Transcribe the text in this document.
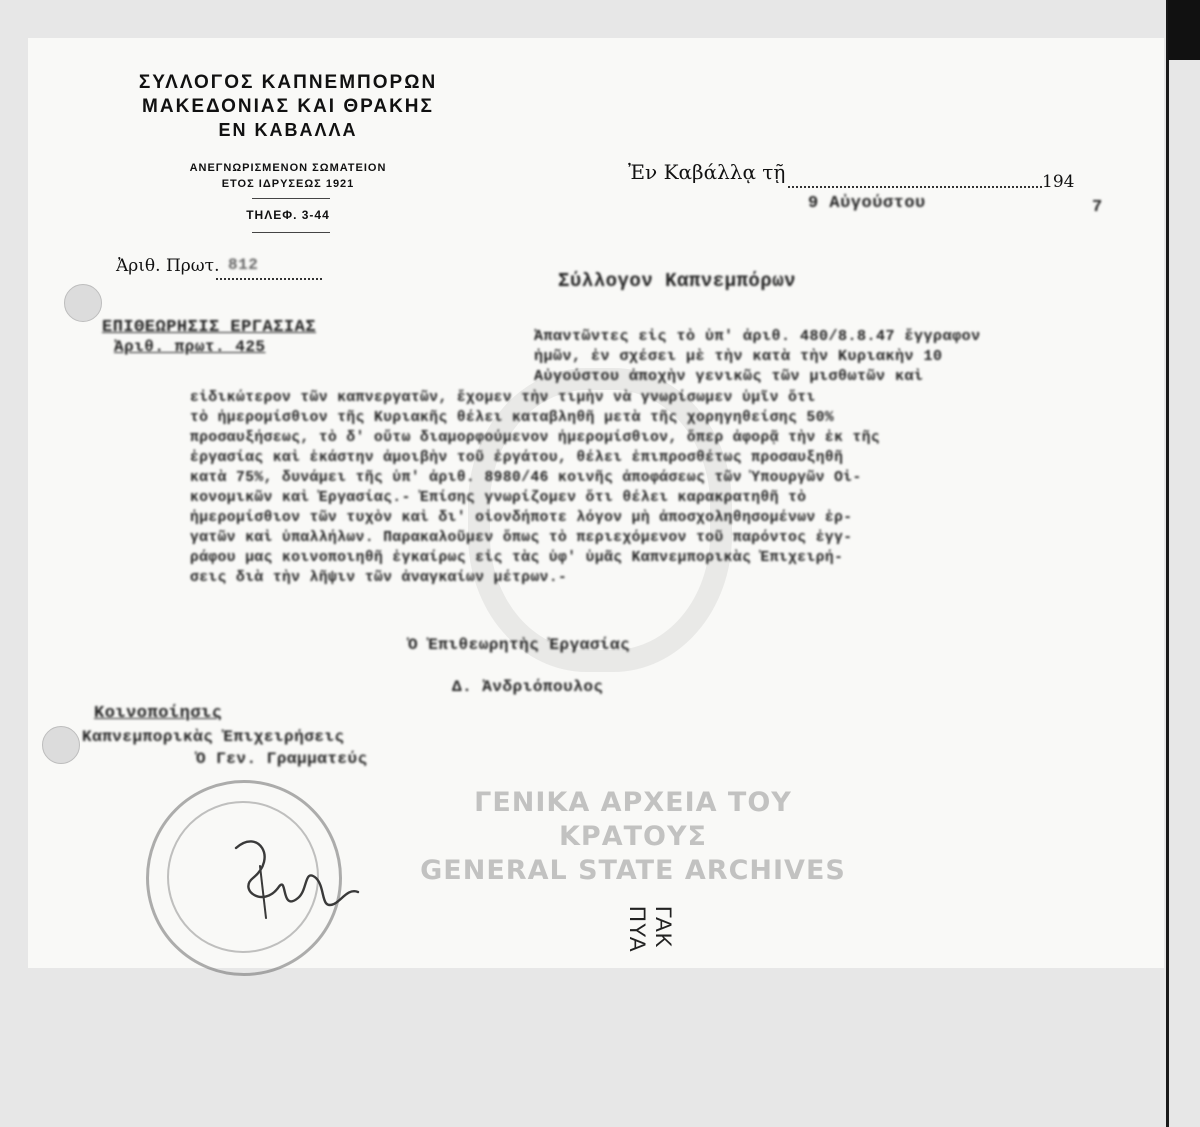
ΣΥΛΛΟΓΟΣ ΚΑΠΝΕΜΠΟΡΩΝ
ΜΑΚΕΔΟΝΙΑΣ ΚΑΙ ΘΡΑΚΗΣ
ΕΝ ΚΑΒΑΛΛΑ
ΑΝΕΓΝΩΡΙΣΜΕΝΟΝ ΣΩΜΑΤΕΙΟΝ
ΕΤΟΣ ΙΔΡΥΣΕΩΣ 1921
ΤΗΛΕΦ. 3-44
Ἐν Καβάλλᾳ τῇ	194
9 Αὐγούστου	7
Ἀριθ. Πρωτ. 812
ΕΠΙΘΕΩΡΗΣΙΣ ΕΡΓΑΣΙΑΣ
Ἀριθ. πρωτ. 425
Σύλλογον Καπνεμπόρων
Ἀπαντῶντες εἰς τὸ ὑπ' ἀριθ. 480/8.8.47 ἔγγραφον
ἡμῶν, ἐν σχέσει μὲ τὴν κατὰ τὴν Κυριακὴν 10
Αὐγούστου ἀποχὴν γενικῶς τῶν μισθωτῶν καὶ
εἰδικώτερον τῶν καπνεργατῶν, ἔχομεν τὴν τιμὴν νὰ γνωρίσωμεν ὑμῖν ὅτι
τὸ ἡμερομίσθιον τῆς Κυριακῆς θέλει καταβληθῆ μετὰ τῆς χορηγηθείσης 50%
προσαυξήσεως, τὸ δ' οὕτω διαμορφούμενον ἡμερομίσθιον, ὅπερ ἀφορᾷ τὴν ἐκ τῆς
ἐργασίας καὶ ἑκάστην ἀμοιβὴν τοῦ ἐργάτου, θέλει ἐπιπροσθέτως προσαυξηθῆ
κατὰ 75%, δυνάμει τῆς ὑπ' ἀριθ. 8980/46 κοινῆς ἀποφάσεως τῶν Ὑπουργῶν Οἰ-
κονομικῶν καὶ Ἐργασίας.- Ἐπίσης γνωρίζομεν ὅτι θέλει καρακρατηθῆ τὸ
ἡμερομίσθιον τῶν τυχὸν καὶ δι' οἱονδήποτε λόγον μὴ ἀποσχοληθησομένων ἐρ-
γατῶν καὶ ὑπαλλήλων. Παρακαλοῦμεν ὅπως τὸ περιεχόμενον τοῦ παρόντος ἐγγ-
ράφου μας κοινοποιηθῆ ἐγκαίρως εἰς τὰς ὑφ' ὑμᾶς Καπνεμπορικὰς Ἐπιχειρή-
σεις διὰ τὴν λῆψιν τῶν ἀναγκαίων μέτρων.-
Ὁ Ἐπιθεωρητὴς Ἐργασίας
Δ. Ἀνδριόπουλος
Κοινοποίησις
Καπνεμπορικὰς Ἐπιχειρήσεις
Ὁ Γεν. Γραμματεύς
ΓΕΝΙΚΑ ΑΡΧΕΙΑ ΤΟΥ ΚΡΑΤΟΥΣ
GENERAL STATE ARCHIVES
ΓΑΚ ΠΥΑ
